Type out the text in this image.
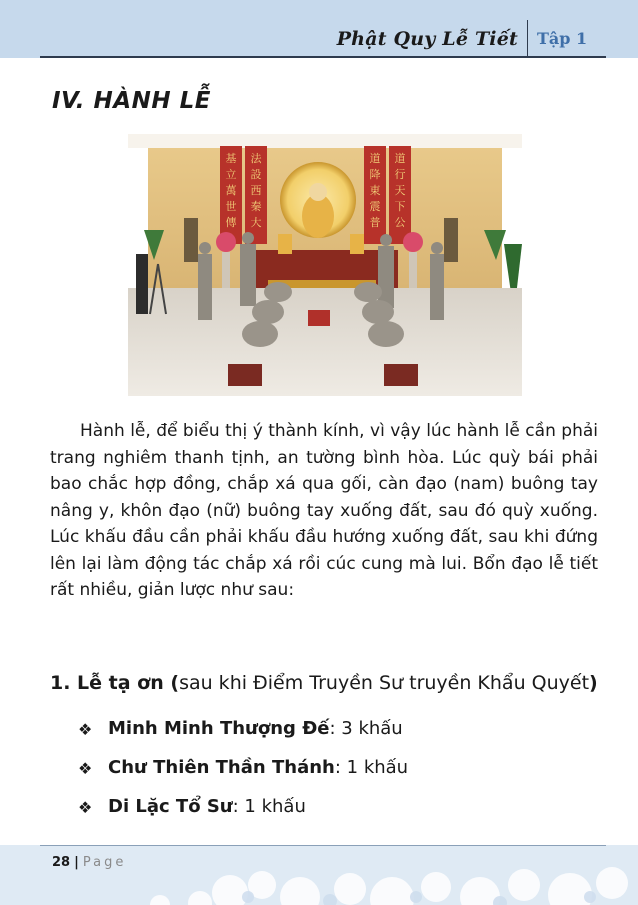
Phật Quy Lễ Tiết Tập 1
IV. HÀNH LỄ
基
立
萬
世
傳
法
設
西
秦
大
道
降
東
震
普
道
行
天
下
公
Hành lễ, để biểu thị ý thành kính, vì vậy lúc hành lễ cần phải trang nghiêm thanh tịnh, an tường bình hòa. Lúc quỳ bái phải bao chắc hợp đồng, chắp xá qua gối, càn đạo (nam) buông tay nâng y, khôn đạo (nữ) buông tay xuống đất, sau đó quỳ xuống. Lúc khấu đầu cần phải khấu đầu hướng xuống đất, sau khi đứng lên lại làm động tác chắp xá rồi cúc cung mà lui. Bổn đạo lễ tiết rất nhiều, giản lược như sau:
1. Lễ tạ ơn (sau khi Điểm Truyền Sư truyền Khẩu Quyết)
❖ Minh Minh Thượng Đế : 3 khấu
❖ Chư Thiên Thần Thánh : 1 khấu
❖ Di Lặc Tổ Sư : 1 khấu
28 | Page
